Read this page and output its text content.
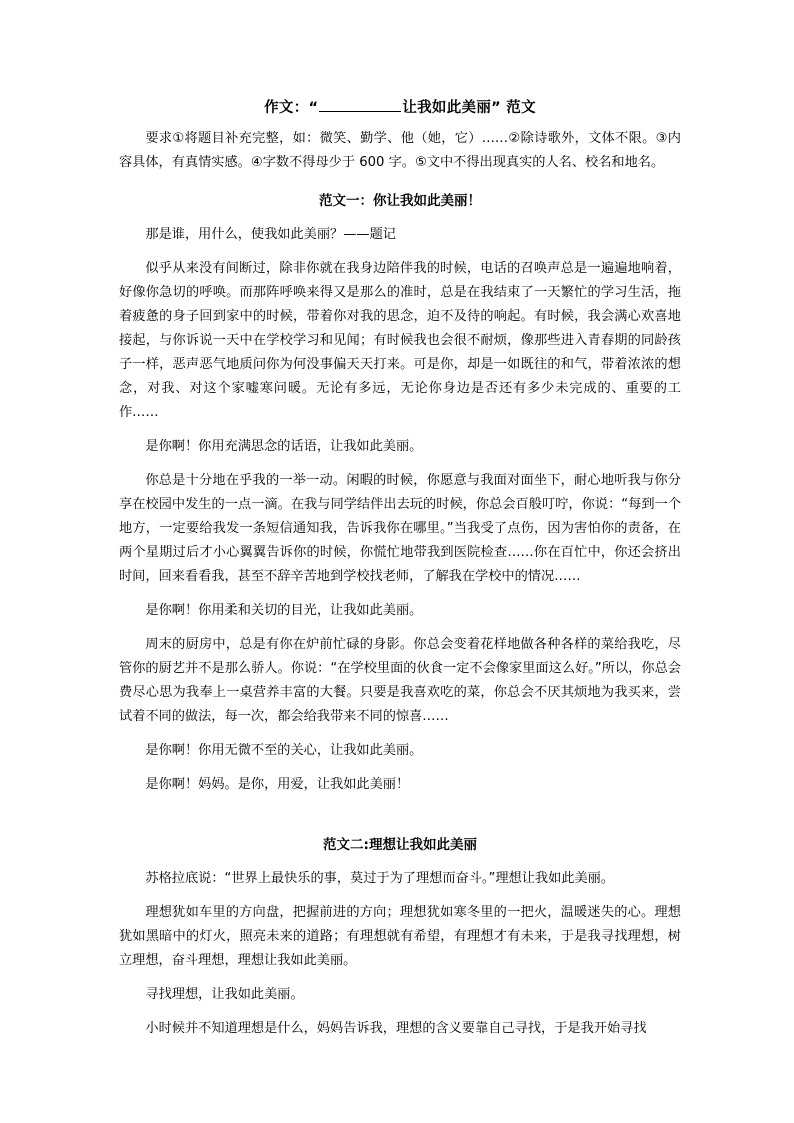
作文：“	让我如此美丽” 范文

要求①将题目补充完整，如：微笑、勤学、他（她，它）……②除诗歌外，文体不限。③内容具体，有真情实感。④字数不得母少于 600 字。⑤文中不得出现真实的人名、校名和地名。

范文一：你让我如此美丽！

那是谁，用什么，使我如此美丽？——题记

似乎从来没有间断过，除非你就在我身边陪伴我的时候，电话的召唤声总是一遍遍地响着，好像你急切的呼唤。而那阵呼唤来得又是那么的准时，总是在我结束了一天繁忙的学习生活，拖着疲惫的身子回到家中的时候，带着你对我的思念，迫不及待的响起。有时候，我会满心欢喜地接起，与你诉说一天中在学校学习和见闻；有时候我也会很不耐烦，像那些进入青春期的同龄孩子一样，恶声恶气地质问你为何没事偏天天打来。可是你，却是一如既往的和气，带着浓浓的想念，对我、对这个家嘘寒问暖。无论有多远，无论你身边是否还有多少未完成的、重要的工作……

是你啊！你用充满思念的话语，让我如此美丽。

你总是十分地在乎我的一举一动。闲暇的时候，你愿意与我面对面坐下，耐心地听我与你分享在校园中发生的一点一滴。在我与同学结伴出去玩的时候，你总会百般叮咛，你说：“每到一个地方，一定要给我发一条短信通知我，告诉我你在哪里。”当我受了点伤，因为害怕你的责备，在两个星期过后才小心翼翼告诉你的时候，你慌忙地带我到医院检查……你在百忙中，你还会挤出时间，回来看看我，甚至不辞辛苦地到学校找老师，了解我在学校中的情况……

是你啊！你用柔和关切的目光，让我如此美丽。

周末的厨房中，总是有你在炉前忙碌的身影。你总会变着花样地做各种各样的菜给我吃，尽管你的厨艺并不是那么骄人。你说：“在学校里面的伙食一定不会像家里面这么好。”所以，你总会费尽心思为我奉上一桌营养丰富的大餐。只要是我喜欢吃的菜，你总会不厌其烦地为我买来，尝试着不同的做法，每一次，都会给我带来不同的惊喜……

是你啊！你用无微不至的关心，让我如此美丽。

是你啊！妈妈。是你，用爱，让我如此美丽！

范文二:理想让我如此美丽

苏格拉底说：“世界上最快乐的事，莫过于为了理想而奋斗。”理想让我如此美丽。

理想犹如车里的方向盘，把握前进的方向；理想犹如寒冬里的一把火，温暖迷失的心。理想犹如黑暗中的灯火，照亮未来的道路；有理想就有希望，有理想才有未来，于是我寻找理想，树立理想，奋斗理想，理想让我如此美丽。

寻找理想，让我如此美丽。

小时候并不知道理想是什么，妈妈告诉我，理想的含义要靠自己寻找，于是我开始寻找
